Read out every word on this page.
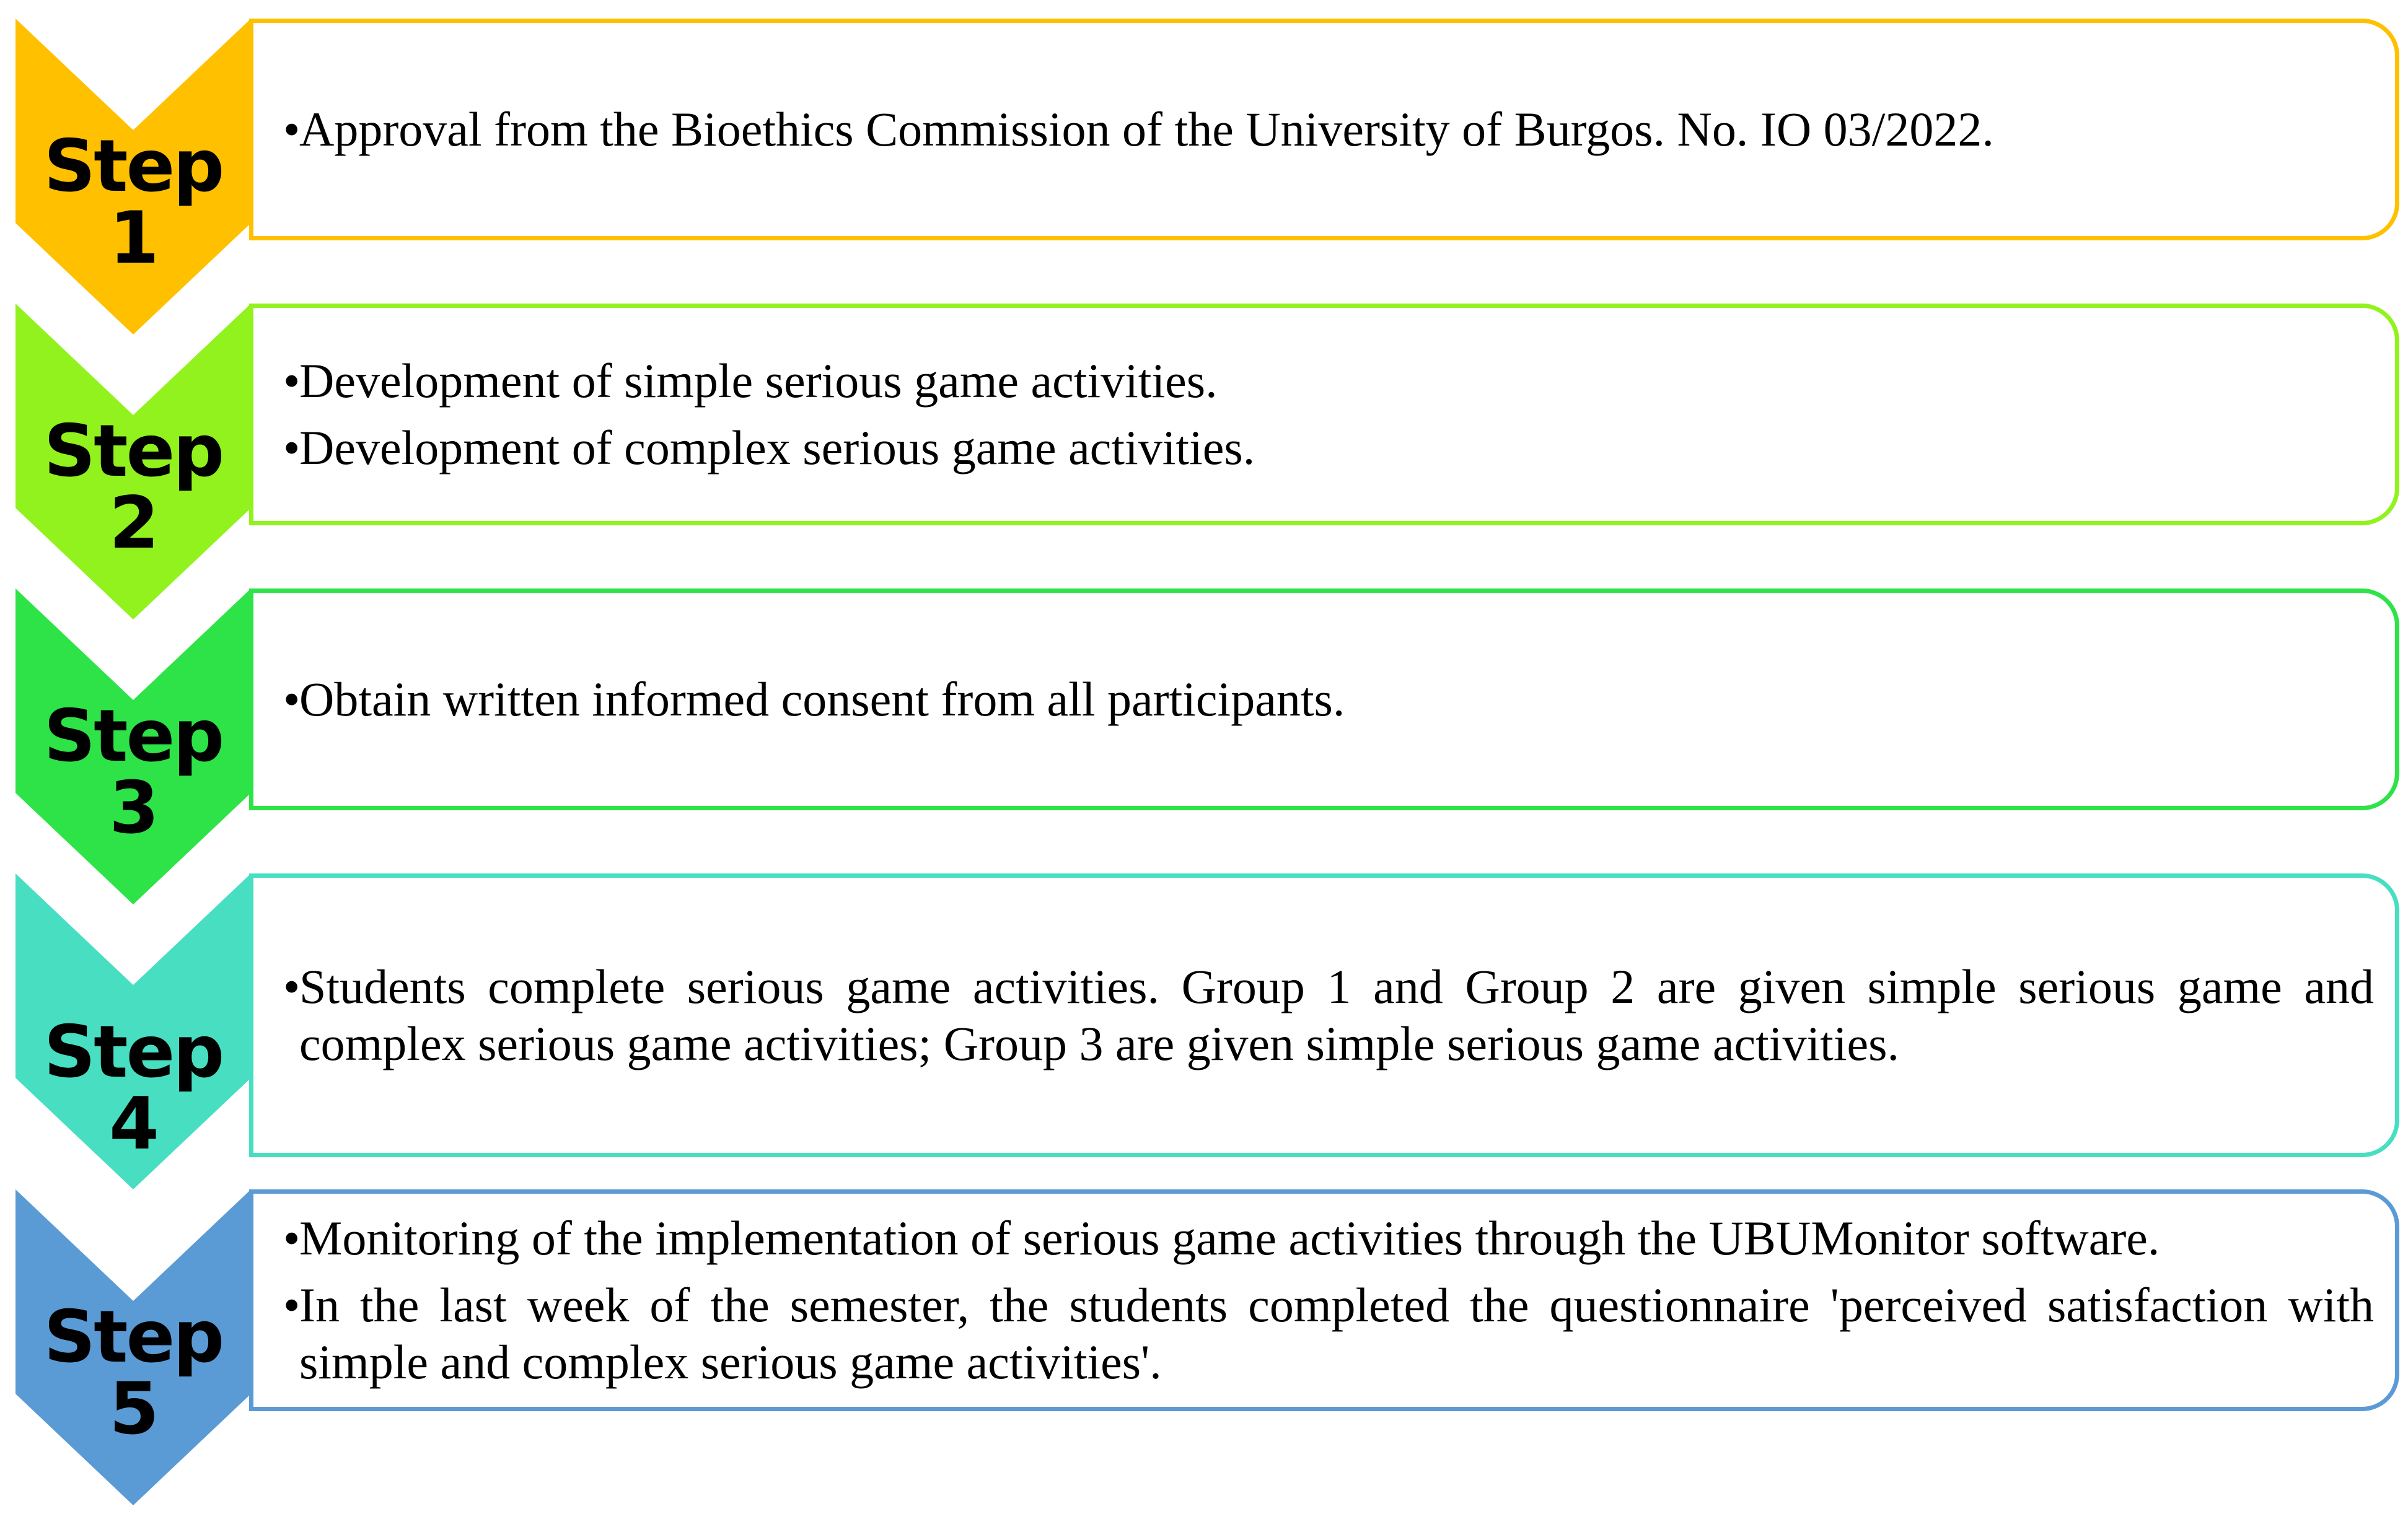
•Approval from the Bioethics Commission of the University of Burgos. No. IO 03/2022.

Step 1

•Development of simple serious game activities.

•Development of complex serious game activities.

Step 2

•Obtain written informed consent from all participants.

Step 3

•Students complete serious game activities. Group 1 and Group 2 are given simple serious game and complex serious game activities; Group 3 are given simple serious game activities.

Step 4

•Monitoring of the implementation of serious game activities through the UBUMonitor software.

•In the last week of the semester, the students completed the questionnaire 'perceived satisfaction with simple and complex serious game activities'.

Step 5
